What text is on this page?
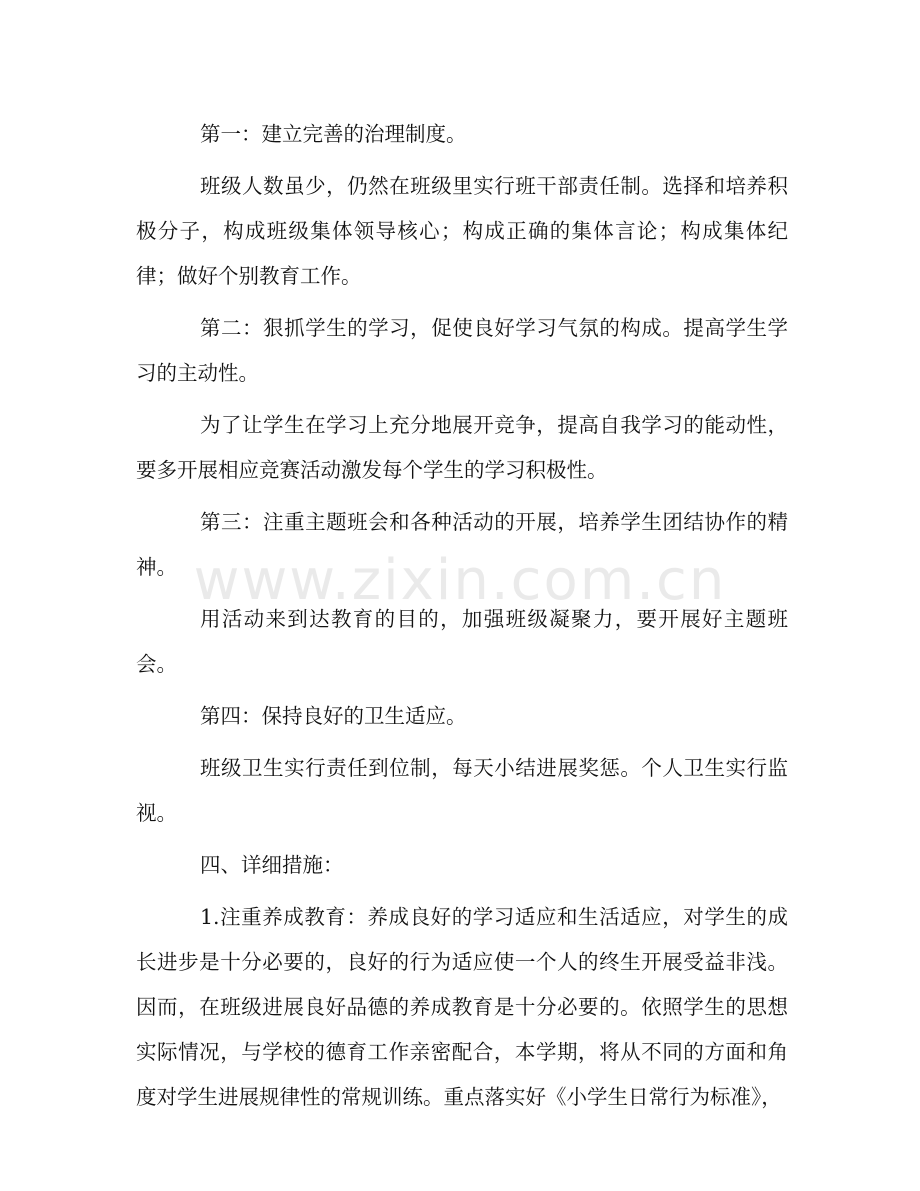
第一：建立完善的治理制度。

班级人数虽少，仍然在班级里实行班干部责任制。选择和培养积极分子，构成班级集体领导核心；构成正确的集体言论；构成集体纪律；做好个别教育工作。

第二：狠抓学生的学习，促使良好学习气氛的构成。提高学生学习的主动性。

为了让学生在学习上充分地展开竞争，提高自我学习的能动性，要多开展相应竞赛活动激发每个学生的学习积极性。

第三：注重主题班会和各种活动的开展，培养学生团结协作的精神。

用活动来到达教育的目的，加强班级凝聚力，要开展好主题班会。

第四：保持良好的卫生适应。

班级卫生实行责任到位制，每天小结进展奖惩。个人卫生实行监视。

四、详细措施：

1.注重养成教育：养成良好的学习适应和生活适应，对学生的成长进步是十分必要的，良好的行为适应使一个人的终生开展受益非浅。因而，在班级进展良好品德的养成教育是十分必要的。依照学生的思想实际情况，与学校的德育工作亲密配合，本学期，将从不同的方面和角度对学生进展规律性的常规训练。重点落实好《小学生日常行为标准》，

www.zixin.com.cn
